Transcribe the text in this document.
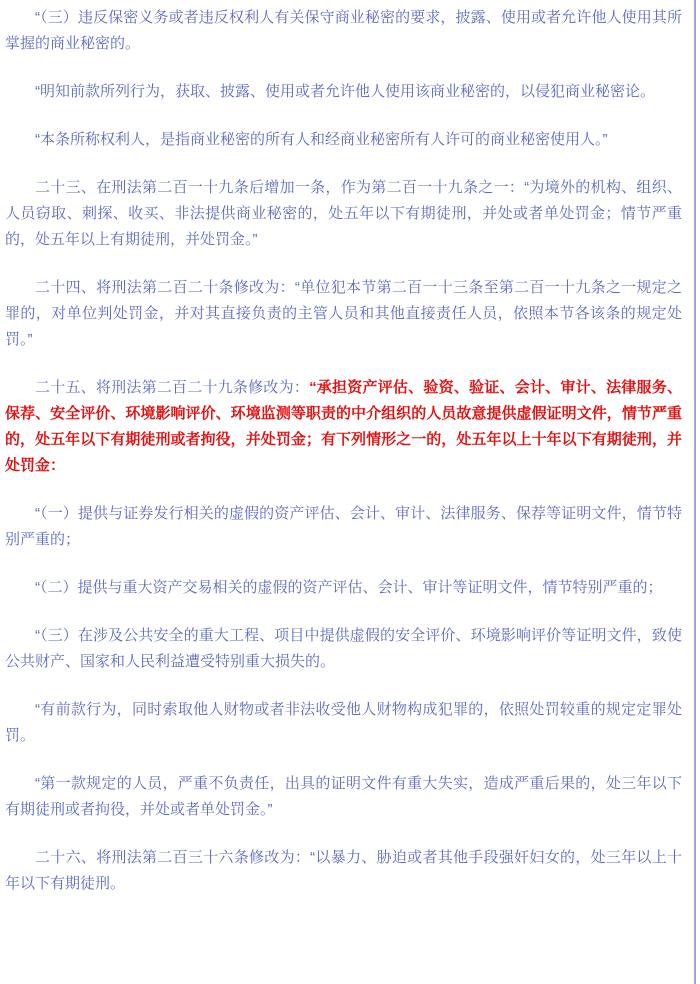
“（三）违反保密义务或者违反权利人有关保守商业秘密的要求，披露、使用或者允许他人使用其所掌握的商业秘密的。

“明知前款所列行为，获取、披露、使用或者允许他人使用该商业秘密的，以侵犯商业秘密论。

“本条所称权利人，是指商业秘密的所有人和经商业秘密所有人许可的商业秘密使用人。”

二十三、在刑法第二百一十九条后增加一条，作为第二百一十九条之一：“为境外的机构、组织、人员窃取、刺探、收买、非法提供商业秘密的，处五年以下有期徒刑，并处或者单处罚金；情节严重的，处五年以上有期徒刑，并处罚金。”

二十四、将刑法第二百二十条修改为：“单位犯本节第二百一十三条至第二百一十九条之一规定之罪的，对单位判处罚金，并对其直接负责的主管人员和其他直接责任人员，依照本节各该条的规定处罚。”

二十五、将刑法第二百二十九条修改为：“承担资产评估、验资、验证、会计、审计、法律服务、保荐、安全评价、环境影响评价、环境监测等职责的中介组织的人员故意提供虚假证明文件，情节严重的，处五年以下有期徒刑或者拘役，并处罚金；有下列情形之一的，处五年以上十年以下有期徒刑，并处罚金：

“（一）提供与证券发行相关的虚假的资产评估、会计、审计、法律服务、保荐等证明文件，情节特别严重的；

“（二）提供与重大资产交易相关的虚假的资产评估、会计、审计等证明文件，情节特别严重的；

“（三）在涉及公共安全的重大工程、项目中提供虚假的安全评价、环境影响评价等证明文件，致使公共财产、国家和人民利益遭受特别重大损失的。

“有前款行为，同时索取他人财物或者非法收受他人财物构成犯罪的，依照处罚较重的规定定罪处罚。

“第一款规定的人员，严重不负责任，出具的证明文件有重大失实，造成严重后果的，处三年以下有期徒刑或者拘役，并处或者单处罚金。”

二十六、将刑法第二百三十六条修改为：“以暴力、胁迫或者其他手段强奸妇女的，处三年以上十年以下有期徒刑。
